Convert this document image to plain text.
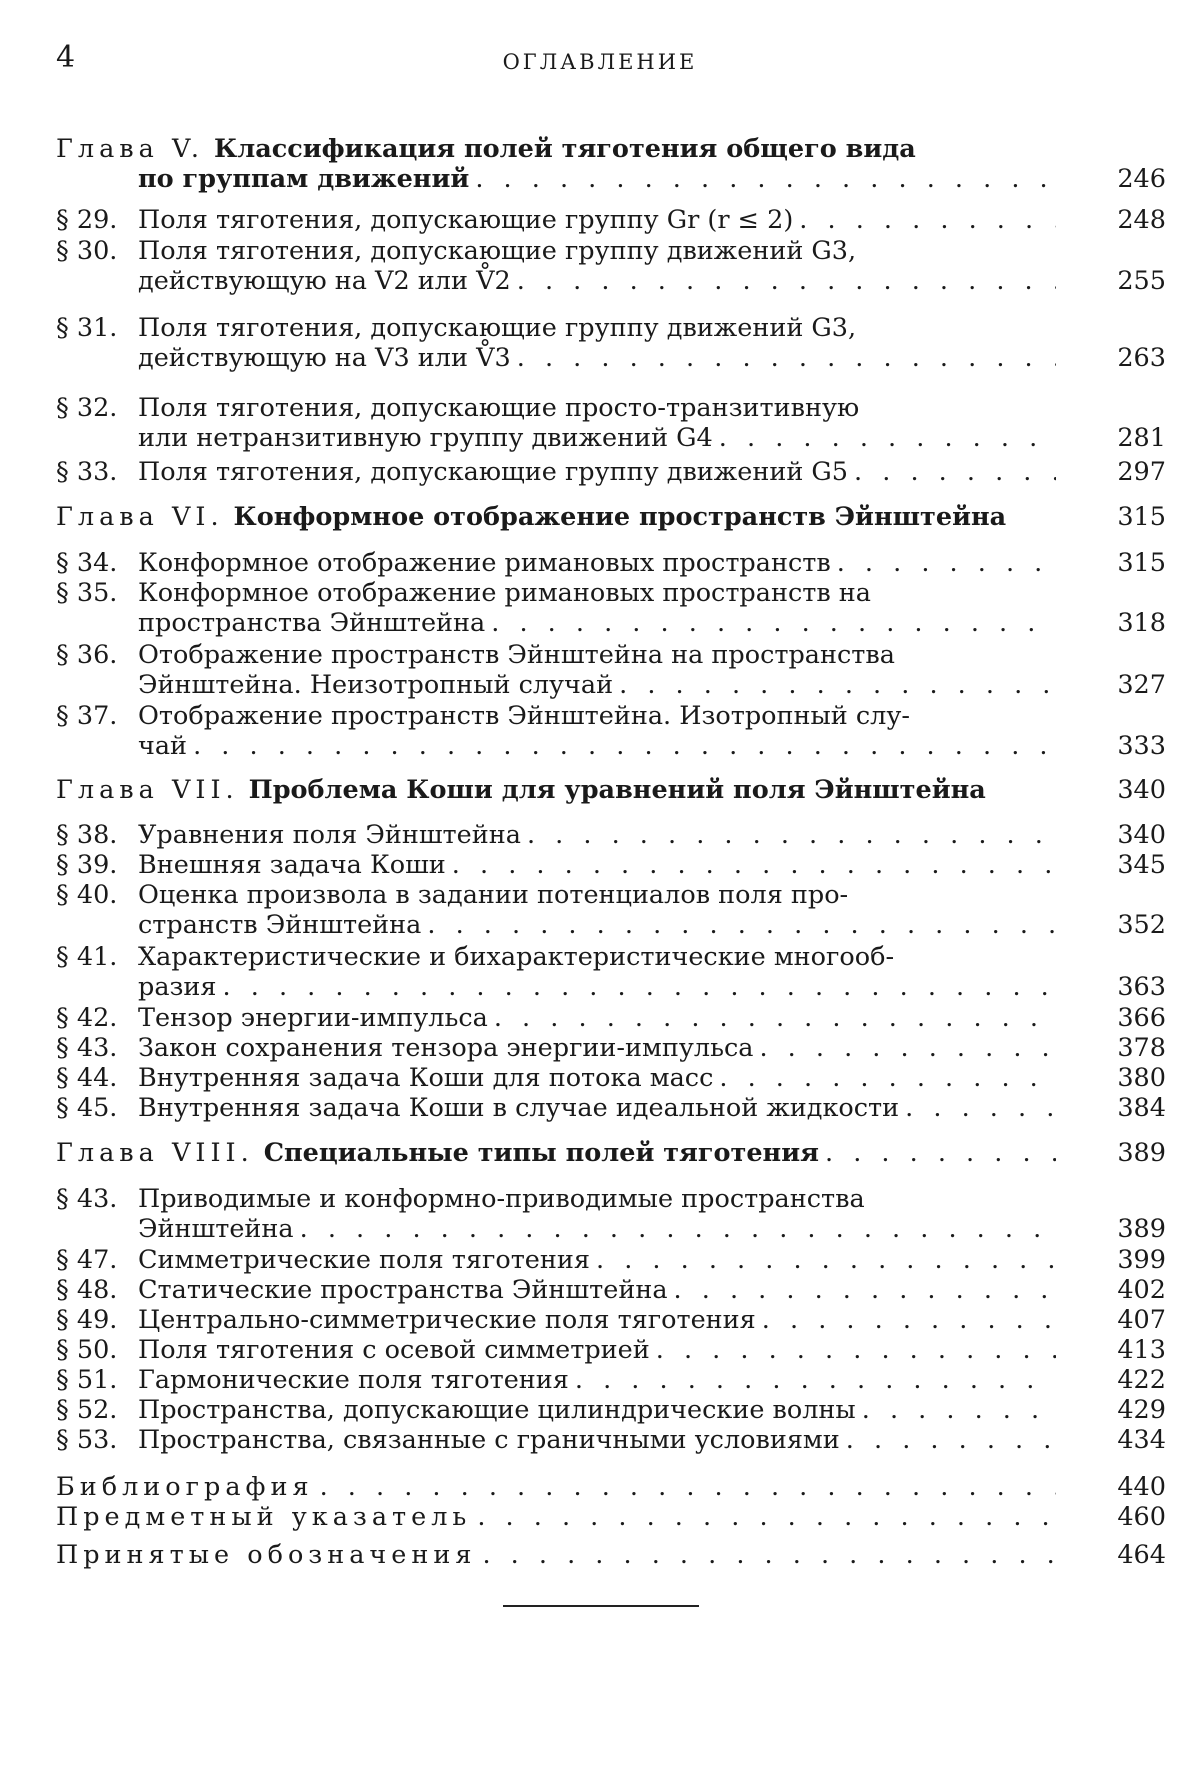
4	ОГЛАВЛЕНИЕ
Глава V. Классификация полей тяготения общего вида
по группам движений . . .	246
§ 29. Поля тяготения, допускающие группу Gr (r ≤ 2) . . .	248
§ 30. Поля тяготения, допускающие группу движений G3,
действующую на V2 или V̊2 . . .	255
§ 31. Поля тяготения, допускающие группу движений G3,
действующую на V3 или V̊3 . . .	263
§ 32. Поля тяготения, допускающие просто-транзитивную
или нетранзитивную группу движений G4 . . .	281
§ 33. Поля тяготения, допускающие группу движений G5 . . .	297
Глава VI. Конформное отображение пространств Эйнштейна	315
§ 34. Конформное отображение римановых пространств . . .	315
§ 35. Конформное отображение римановых пространств на
пространства Эйнштейна . . .	318
§ 36. Отображение пространств Эйнштейна на пространства
Эйнштейна. Неизотропный случай . . .	327
§ 37. Отображение пространств Эйнштейна. Изотропный слу-
чай . . .	333
Глава VII. Проблема Коши для уравнений поля Эйнштейна	340
§ 38. Уравнения поля Эйнштейна . . .	340
§ 39. Внешняя задача Коши . . .	345
§ 40. Оценка произвола в задании потенциалов поля про-
странств Эйнштейна . . .	352
§ 41. Характеристические и бихарактеристические многооб-
разия . . .	363
§ 42. Тензор энергии-импульса . . .	366
§ 43. Закон сохранения тензора энергии-импульса . . .	378
§ 44. Внутренняя задача Коши для потока масс . . .	380
§ 45. Внутренняя задача Коши в случае идеальной жидкости . . .	384
Глава VIII. Специальные типы полей тяготения . . .	389
§ 43. Приводимые и конформно-приводимые пространства
Эйнштейна . . .	389
§ 47. Симметрические поля тяготения . . .	399
§ 48. Статические пространства Эйнштейна . . .	402
§ 49. Центрально-симметрические поля тяготения . . .	407
§ 50. Поля тяготения с осевой симметрией . . .	413
§ 51. Гармонические поля тяготения . . .	422
§ 52. Пространства, допускающие цилиндрические волны . . .	429
§ 53. Пространства, связанные с граничными условиями . . .	434
Библиография . . .	440
Предметный указатель . . .	460
Принятые обозначения . . .	464
